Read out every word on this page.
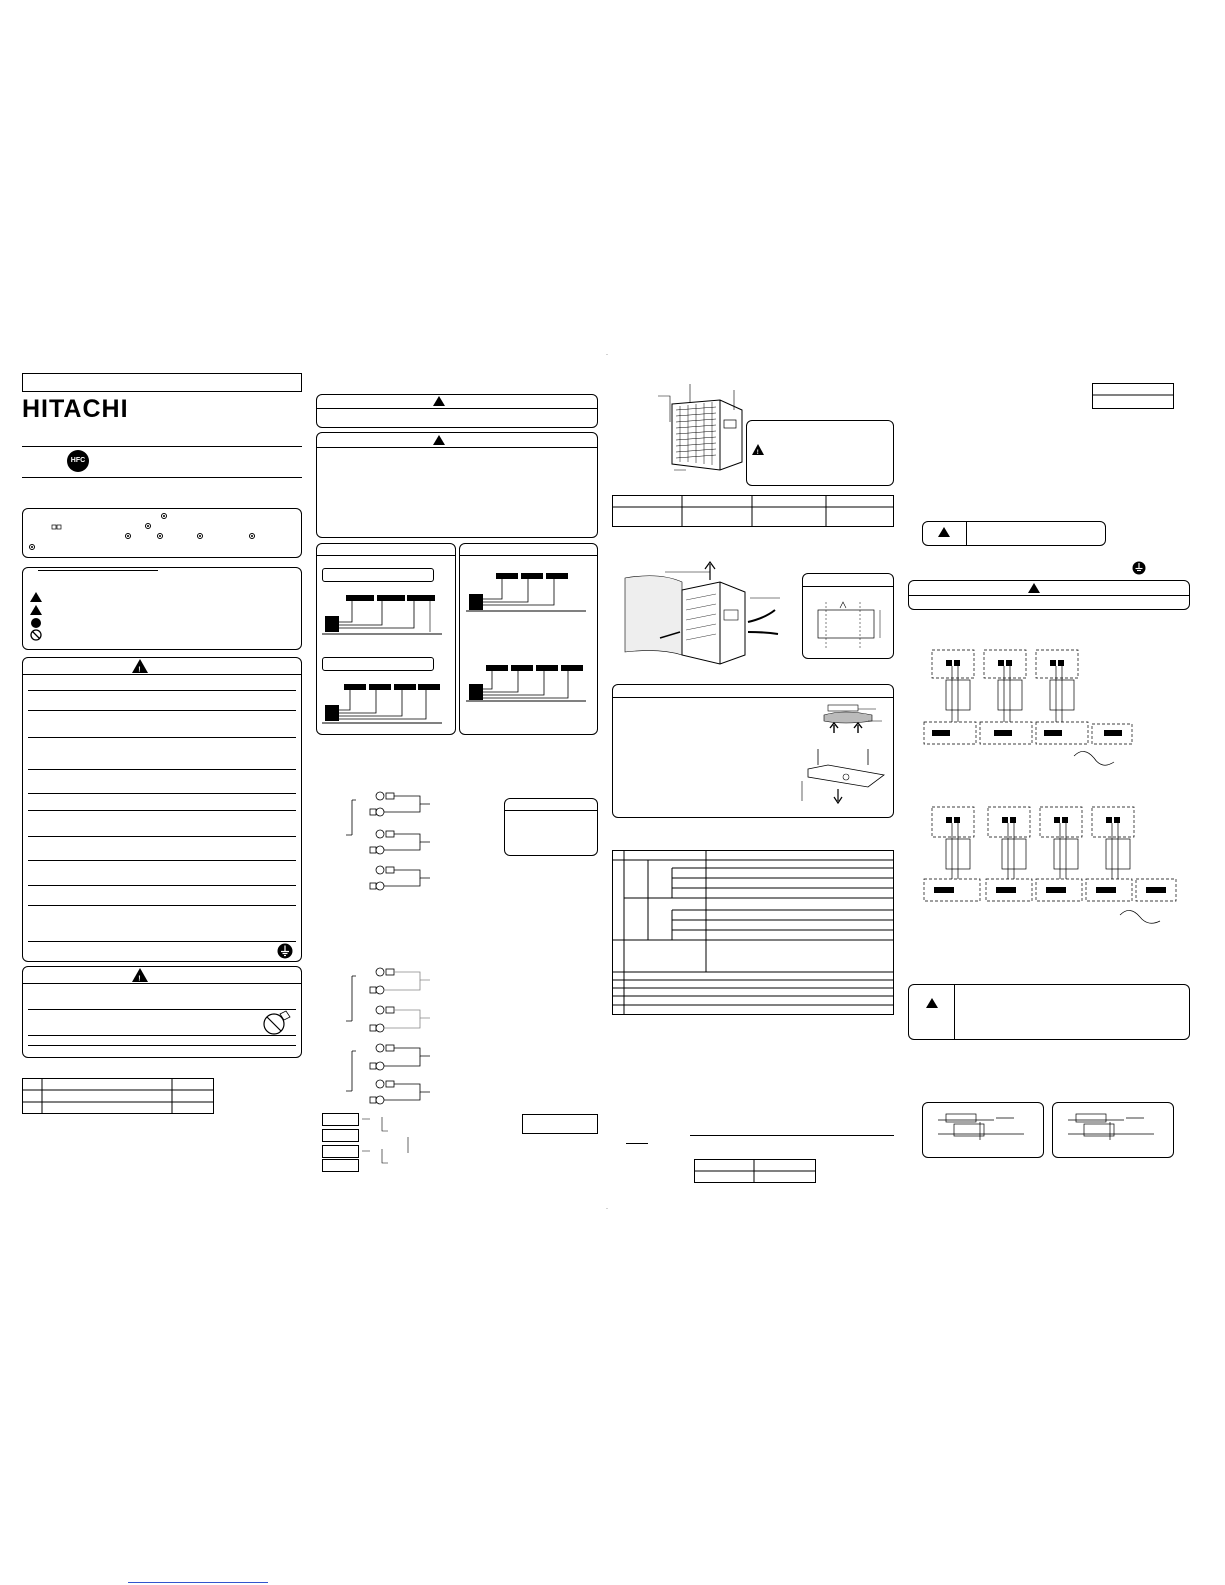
HITACHI
HFC
!
!
!
·
·
